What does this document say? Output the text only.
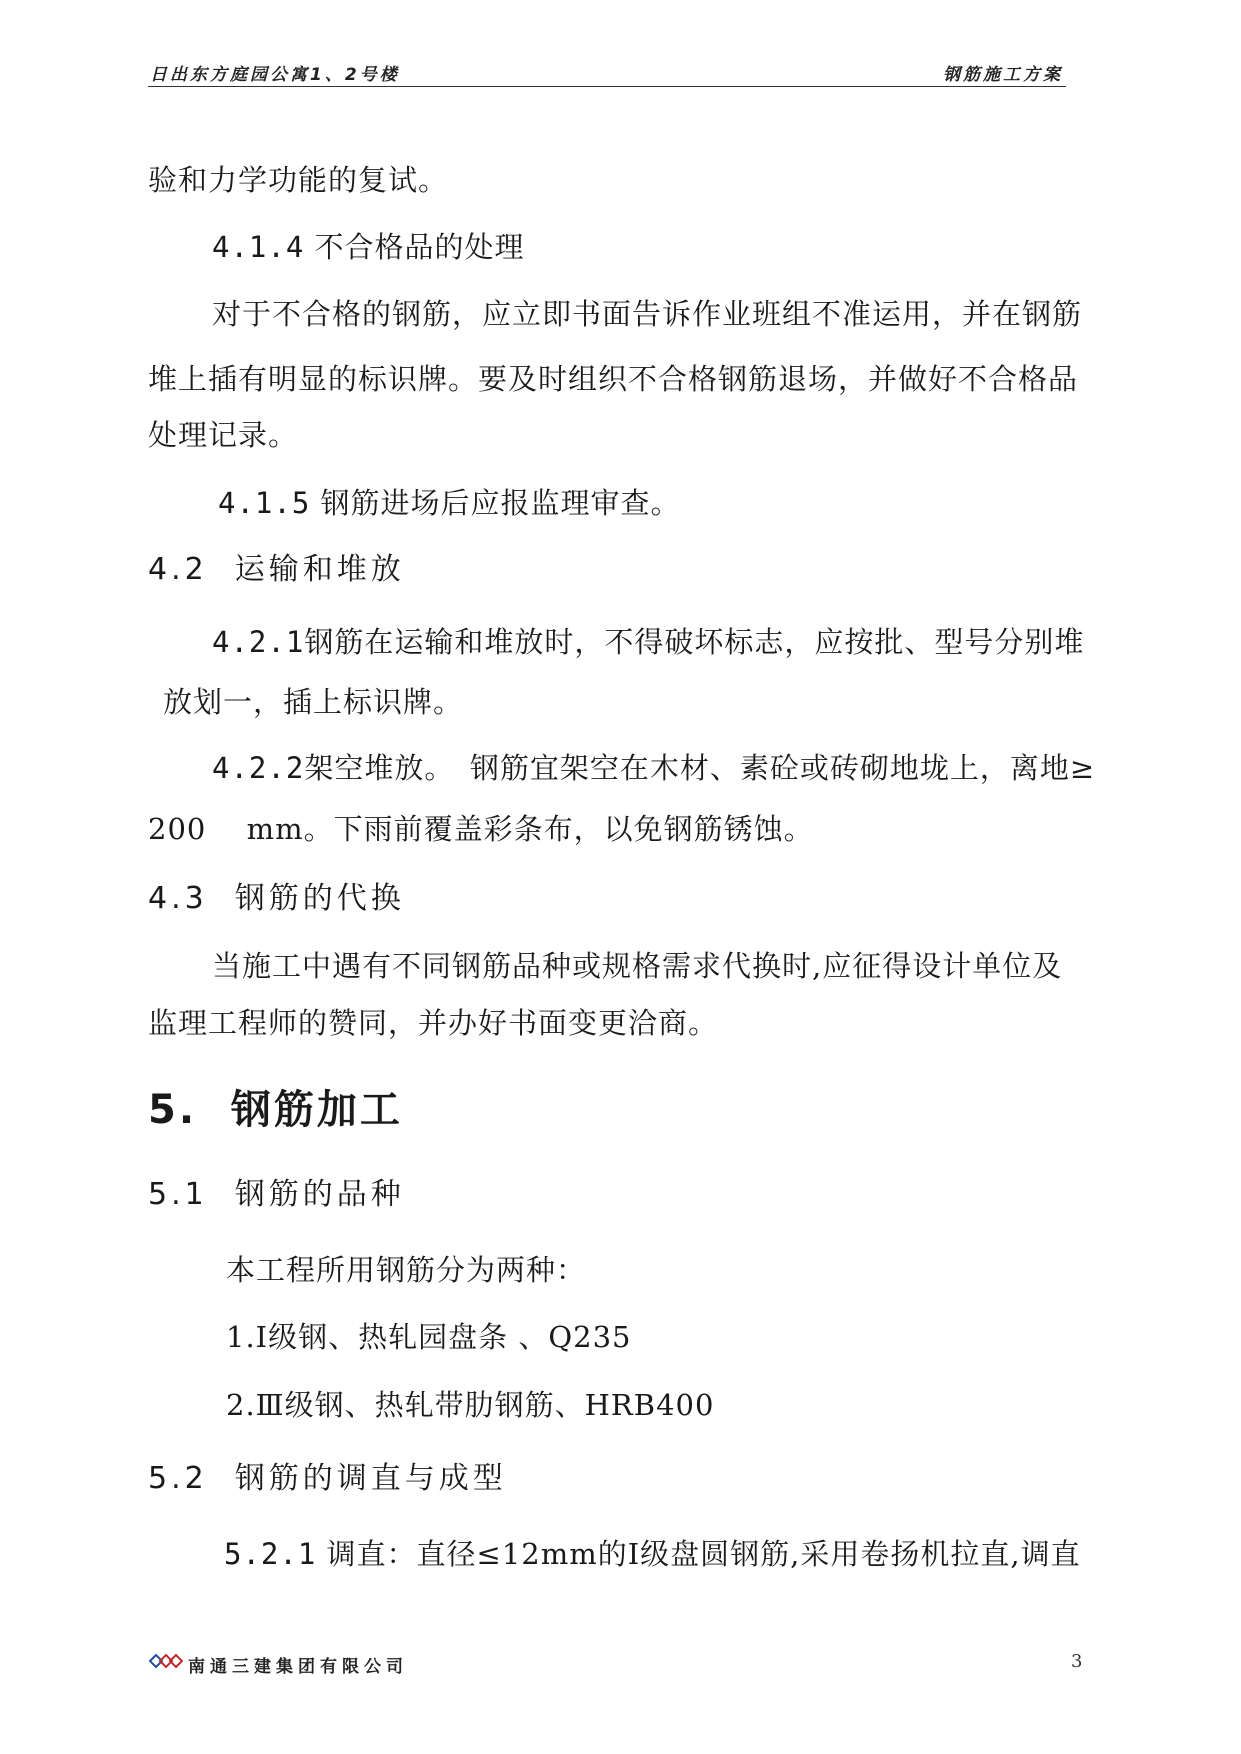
日出东方庭园公寓1、2号楼	钢筋施工方案
验和力学功能的复试。
4.1.4 不合格品的处理
对于不合格的钢筋，应立即书面告诉作业班组不准运用，并在钢筋
堆上插有明显的标识牌。要及时组织不合格钢筋退场，并做好不合格品
处理记录。
4.1.5 钢筋进场后应报监理审查。
4.2 运输和堆放
4.2.1钢筋在运输和堆放时，不得破坏标志，应按批、型号分别堆
放划一，插上标识牌。
4.2.2架空堆放。　钢筋宜架空在木材、素砼或砖砌地垅上，离地≥
200　 mm。下雨前覆盖彩条布，以免钢筋锈蚀。
4.3 钢筋的代换
当施工中遇有不同钢筋品种或规格需求代换时,应征得设计单位及
监理工程师的赞同，并办好书面变更洽商。
5. 钢筋加工
5.1 钢筋的品种
本工程所用钢筋分为两种：
1.Ⅰ级钢、热轧园盘条 、Q235
2.Ⅲ级钢、热轧带肋钢筋、HRB400
5.2 钢筋的调直与成型
5.2.1 调直：直径≤12mm的Ⅰ级盘圆钢筋,采用卷扬机拉直,调直
南通三建集团有限公司	3
